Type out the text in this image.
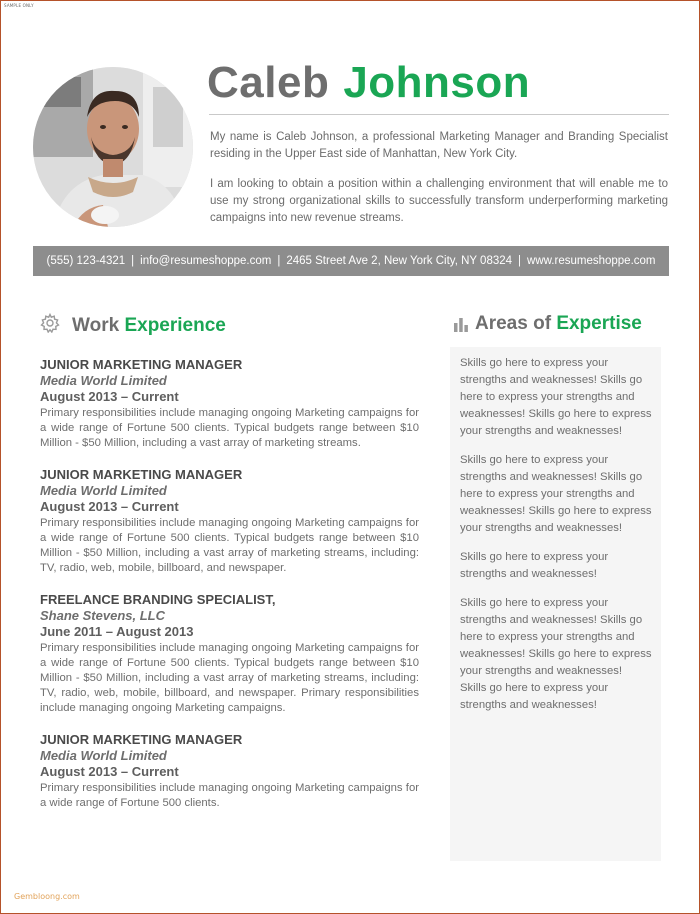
SAMPLE ONLY
Caleb Johnson
My name is Caleb Johnson, a professional Marketing Manager and Branding Specialist residing in the Upper East side of Manhattan, New York City.
I am looking to obtain a position within a challenging environment that will enable me to use my strong organizational skills to successfully transform underperforming marketing campaigns into new revenue streams.
(555) 123-4321 | info@resumeshoppe.com | 2465 Street Ave 2, New York City, NY 08324 | www.resumeshoppe.com
Work Experience	Areas of Expertise
JUNIOR MARKETING MANAGER
Media World Limited
August 2013 – Current
Primary responsibilities include managing ongoing Marketing campaigns for a wide range of Fortune 500 clients. Typical budgets range between $10 Million - $50 Million, including a vast array of marketing streams.
JUNIOR MARKETING MANAGER
Media World Limited
August 2013 – Current
Primary responsibilities include managing ongoing Marketing campaigns for a wide range of Fortune 500 clients. Typical budgets range between $10 Million - $50 Million, including a vast array of marketing streams, including: TV, radio, web, mobile, billboard, and newspaper.
FREELANCE BRANDING SPECIALIST,
Shane Stevens, LLC
June 2011 – August 2013
Primary responsibilities include managing ongoing Marketing campaigns for a wide range of Fortune 500 clients. Typical budgets range between $10 Million - $50 Million, including a vast array of marketing streams, including: TV, radio, web, mobile, billboard, and newspaper. Primary responsibilities include managing ongoing Marketing campaigns.
JUNIOR MARKETING MANAGER
Media World Limited
August 2013 – Current
Primary responsibilities include managing ongoing Marketing campaigns for a wide range of Fortune 500 clients.
Skills go here to express your strengths and weaknesses! Skills go here to express your strengths and weaknesses! Skills go here to express your strengths and weaknesses!
Skills go here to express your strengths and weaknesses! Skills go here to express your strengths and weaknesses! Skills go here to express your strengths and weaknesses!
Skills go here to express your strengths and weaknesses!
Skills go here to express your strengths and weaknesses! Skills go here to express your strengths and weaknesses! Skills go here to express your strengths and weaknesses!
Skills go here to express your strengths and weaknesses!
Gembloong.com
